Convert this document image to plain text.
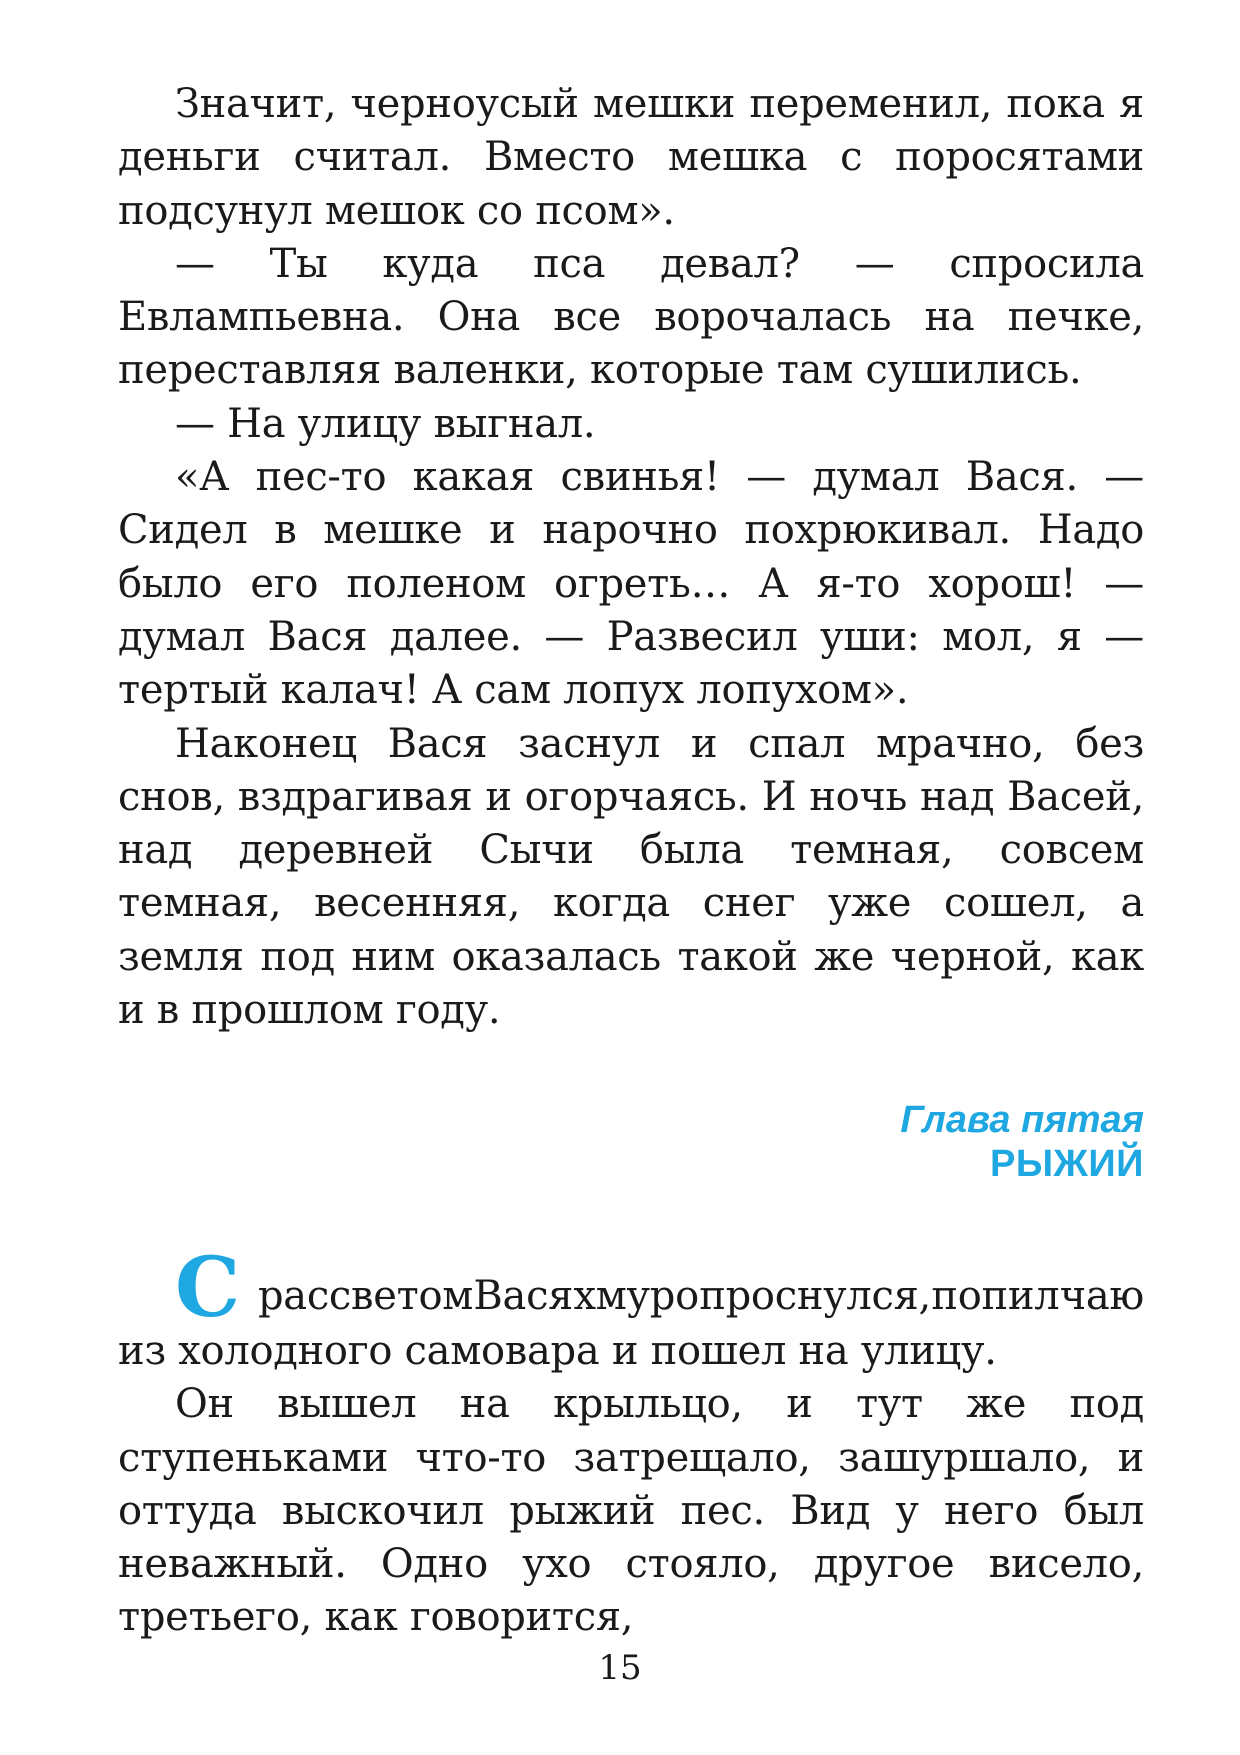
Значит, черноусый мешки переменил, пока я деньги считал. Вместо мешка с поросятами подсунул мешок со псом».

— Ты куда пса девал? — спросила Евлампьевна. Она все ворочалась на печке, переставляя валенки, которые там сушились.

— На улицу выгнал.

«А пес-то какая свинья! — думал Вася. — Сидел в мешке и нарочно похрюкивал. Надо было его поленом огреть… А я-то хорош! — думал Вася далее. — Развесил уши: мол, я — тертый калач! А сам лопух лопухом».

Наконец Вася заснул и спал мрачно, без снов, вздрагивая и огорчаясь. И ночь над Васей, над деревней Сычи была темная, совсем темная, весенняя, когда снег уже сошел, а земля под ним оказалась такой же черной, как и в прошлом году.

Глава пятая

РЫЖИЙ

С рассветом Вася хмуро проснулся, попил чаю

из холодного самовара и пошел на улицу.

Он вышел на крыльцо, и тут же под ступеньками что-то затрещало, зашуршало, и оттуда выскочил рыжий пес. Вид у него был неважный. Одно ухо стояло, другое висело, третьего, как говорится,

15
